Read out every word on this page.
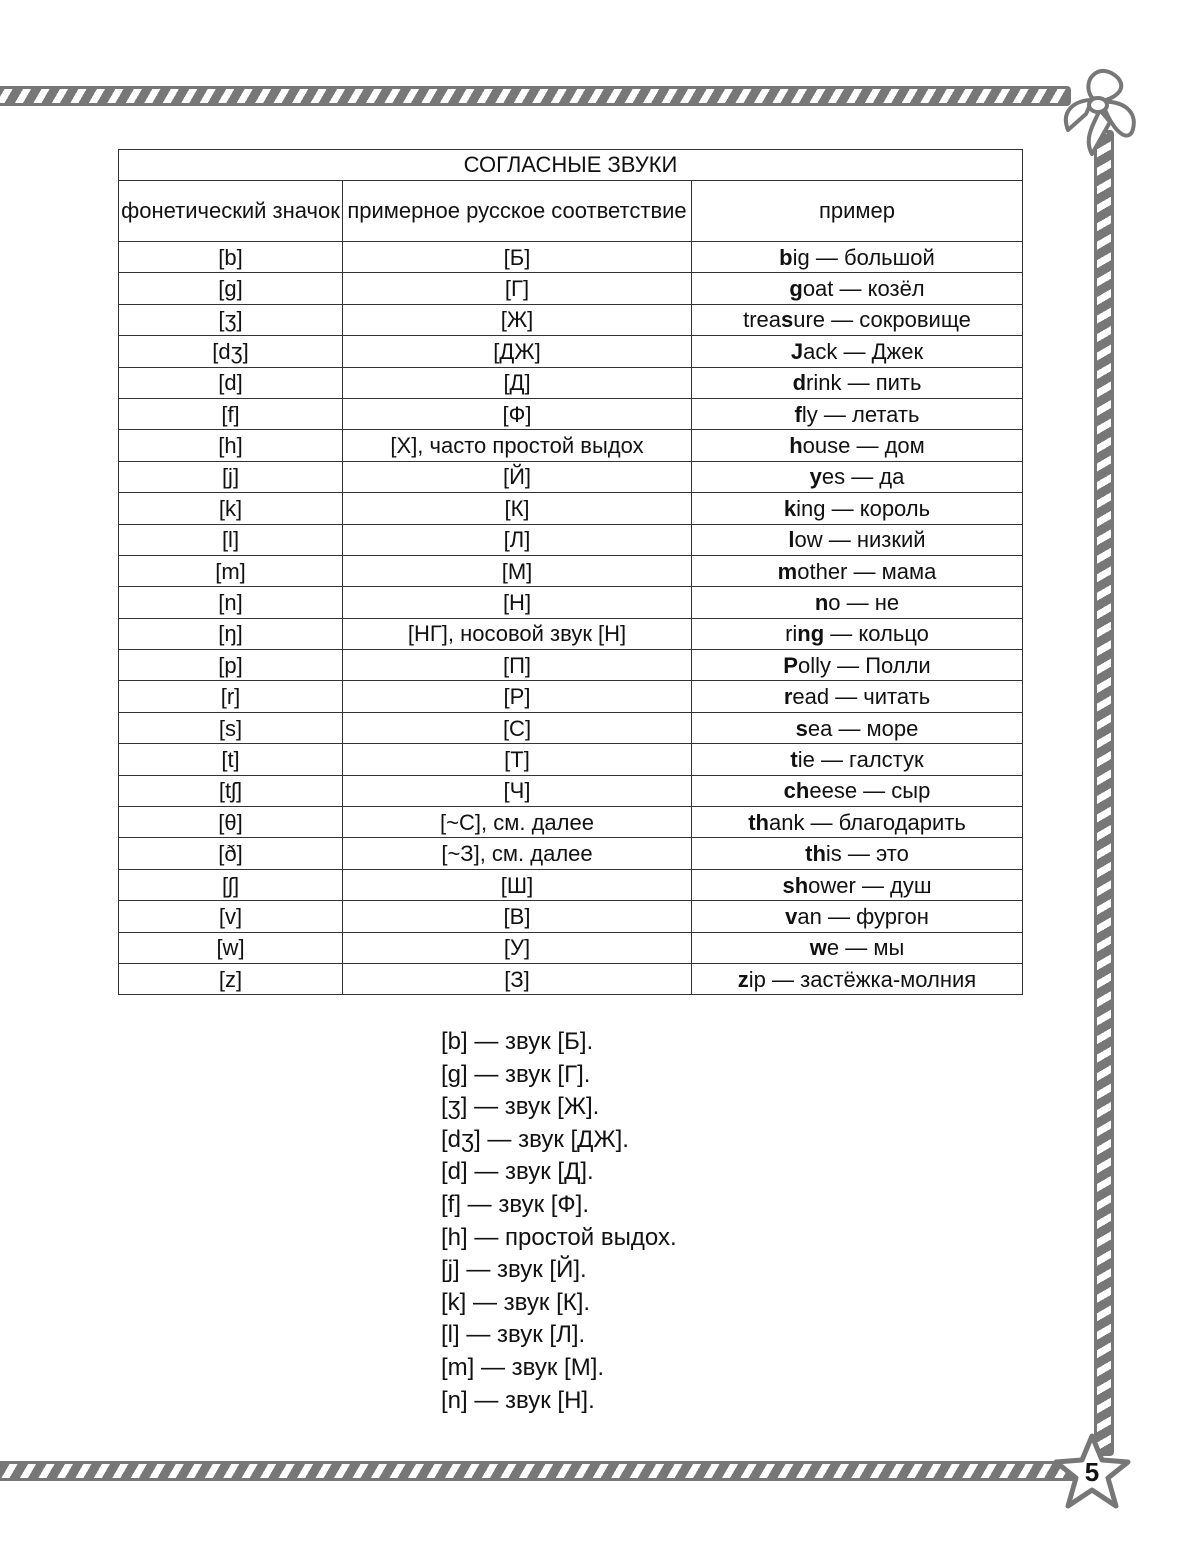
5
СОГЛАСНЫЕ ЗВУКИ		
фонетический значок	примерное русское соответствие	пример
[b]	[Б]	big — большой
[g]	[Г]	goat — козёл
[ʒ]	[Ж]	treasure — сокровище
[dʒ]	[ДЖ]	Jack — Джек
[d]	[Д]	drink — пить
[f]	[Ф]	fly — летать
[h]	[Х], часто простой выдох	house — дом
[j]	[Й]	yes — да
[k]	[К]	king — король
[l]	[Л]	low — низкий
[m]	[М]	mother — мама
[n]	[Н]	no — не
[ŋ]	[НГ], носовой звук [Н]	ring — кольцо
[p]	[П]	Polly — Полли
[r]	[Р]	read — читать
[s]	[С]	sea — море
[t]	[Т]	tie — галстук
[tʃ]	[Ч]	cheese — сыр
[θ]	[~С], см. далее	thank — благодарить
[ð]	[~З], см. далее	this — это
[ʃ]	[Ш]	shower — душ
[v]	[В]	van — фургон
[w]	[У]	we — мы
[z]	[З]	zip — застёжка-молния
[b] — звук [Б].
[g] — звук [Г].
[ʒ] — звук [Ж].
[dʒ] — звук [ДЖ].
[d] — звук [Д].
[f] — звук [Ф].
[h] — простой выдох.
[j] — звук [Й].
[k] — звук [К].
[l] — звук [Л].
[m] — звук [М].
[n] — звук [Н].
